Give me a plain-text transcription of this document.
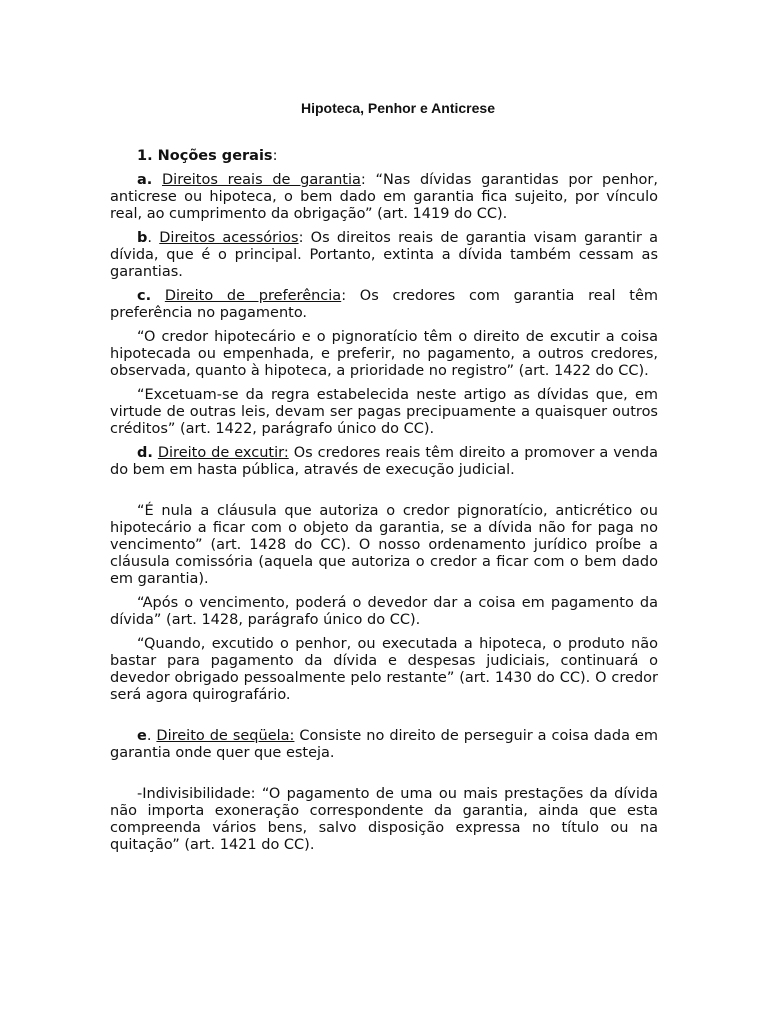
Hipoteca, Penhor e Anticrese
1. Noções gerais:

a. Direitos reais de garantia: “Nas dívidas garantidas por penhor, anticrese ou hipoteca, o bem dado em garantia fica sujeito, por vínculo real, ao cumprimento da obrigação” (art. 1419 do CC).

b. Direitos acessórios: Os direitos reais de garantia visam garantir a dívida, que é o principal. Portanto, extinta a dívida também cessam as garantias.

c. Direito de preferência: Os credores com garantia real têm preferência no pagamento.

“O credor hipotecário e o pignoratício têm o direito de excutir a coisa hipotecada ou empenhada, e preferir, no pagamento, a outros credores, observada, quanto à hipoteca, a prioridade no registro” (art. 1422 do CC).

“Excetuam-se da regra estabelecida neste artigo as dívidas que, em virtude de outras leis, devam ser pagas precipuamente a quaisquer outros créditos” (art. 1422, parágrafo único do CC).

d. Direito de excutir: Os credores reais têm direito a promover a venda do bem em hasta pública, através de execução judicial.

“É nula a cláusula que autoriza o credor pignoratício, anticrético ou hipotecário a ficar com o objeto da garantia, se a dívida não for paga no vencimento” (art. 1428 do CC). O nosso ordenamento jurídico proíbe a cláusula comissória (aquela que autoriza o credor a ficar com o bem dado em garantia).

“Após o vencimento, poderá o devedor dar a coisa em pagamento da dívida” (art. 1428, parágrafo único do CC).

“Quando, excutido o penhor, ou executada a hipoteca, o produto não bastar para pagamento da dívida e despesas judiciais, continuará o devedor obrigado pessoalmente pelo restante” (art. 1430 do CC). O credor será agora quirografário.

e. Direito de seqüela: Consiste no direito de perseguir a coisa dada em garantia onde quer que esteja.

-Indivisibilidade: “O pagamento de uma ou mais prestações da dívida não importa exoneração correspondente da garantia, ainda que esta compreenda vários bens, salvo disposição expressa no título ou na quitação” (art. 1421 do CC).
